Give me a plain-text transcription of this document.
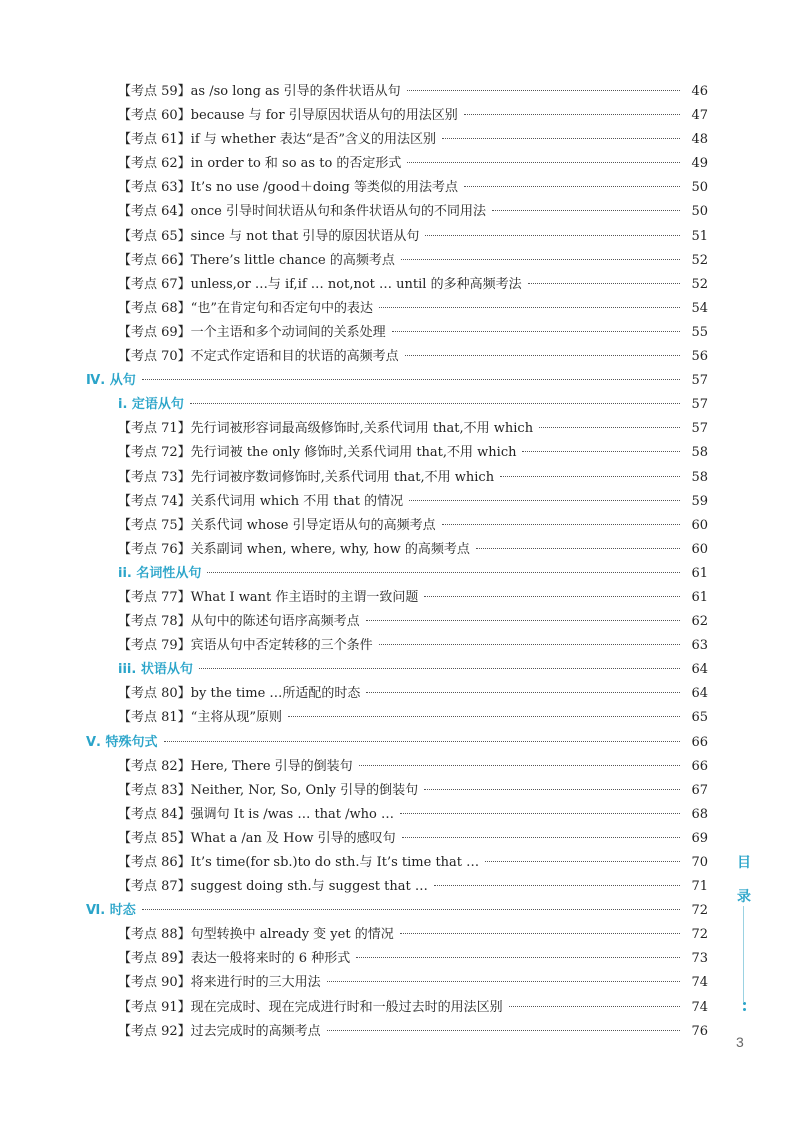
【考点 59】as /so long as 引导的条件状语从句	46
【考点 60】because 与 for 引导原因状语从句的用法区别	47
【考点 61】if 与 whether 表达“是否”含义的用法区别	48
【考点 62】in order to 和 so as to 的否定形式	49
【考点 63】It’s no use /good＋doing 等类似的用法考点	50
【考点 64】once 引导时间状语从句和条件状语从句的不同用法	50
【考点 65】since 与 not that 引导的原因状语从句	51
【考点 66】There’s little chance 的高频考点	52
【考点 67】unless,or …与 if,if … not,not … until 的多种高频考法	52
【考点 68】“也”在肯定句和否定句中的表达	54
【考点 69】一个主语和多个动词间的关系处理	55
【考点 70】不定式作定语和目的状语的高频考点	56
Ⅳ. 从句	57
i. 定语从句	57
【考点 71】先行词被形容词最高级修饰时,关系代词用 that,不用 which	57
【考点 72】先行词被 the only 修饰时,关系代词用 that,不用 which	58
【考点 73】先行词被序数词修饰时,关系代词用 that,不用 which	58
【考点 74】关系代词用 which 不用 that 的情况	59
【考点 75】关系代词 whose 引导定语从句的高频考点	60
【考点 76】关系副词 when, where, why, how 的高频考点	60
ii. 名词性从句	61
【考点 77】What I want 作主语时的主谓一致问题	61
【考点 78】从句中的陈述句语序高频考点	62
【考点 79】宾语从句中否定转移的三个条件	63
iii. 状语从句	64
【考点 80】by the time …所适配的时态	64
【考点 81】“主将从现”原则	65
Ⅴ. 特殊句式	66
【考点 82】Here, There 引导的倒装句	66
【考点 83】Neither, Nor, So, Only 引导的倒装句	67
【考点 84】强调句 It is /was … that /who …	68
【考点 85】What a /an 及 How 引导的感叹句	69
【考点 86】It’s time(for sb.)to do sth.与 It’s time that …	70
【考点 87】suggest doing sth.与 suggest that …	71
Ⅵ. 时态	72
【考点 88】句型转换中 already 变 yet 的情况	72
【考点 89】表达一般将来时的 6 种形式	73
【考点 90】将来进行时的三大用法	74
【考点 91】现在完成时、现在完成进行时和一般过去时的用法区别	74
【考点 92】过去完成时的高频考点	76
目
录
3
